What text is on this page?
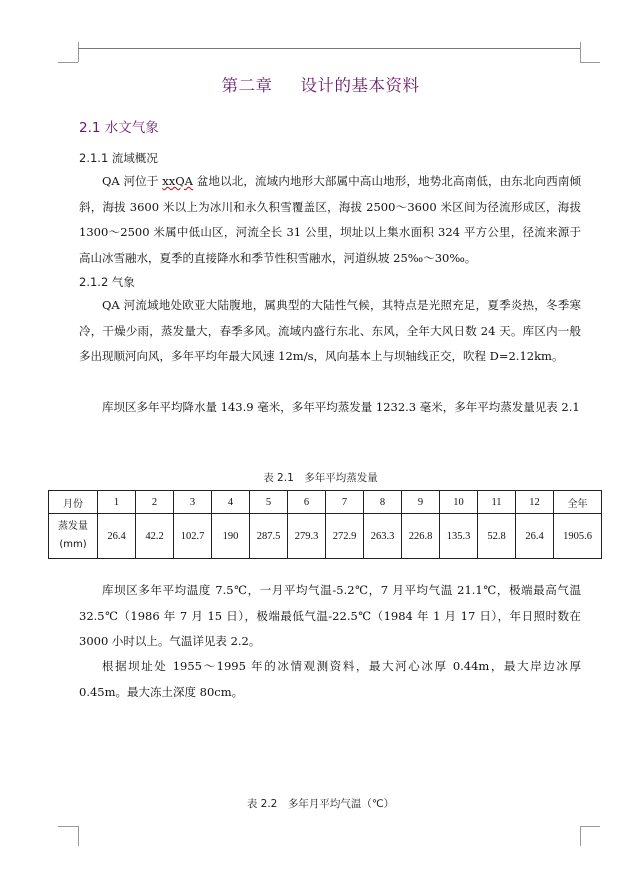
第二章 设计的基本资料
2.1 水文气象
2.1.1 流域概况
QA 河位于 xxQA 盆地以北，流域内地形大部属中高山地形，地势北高南低，由东北向西南倾斜，海拔 3600 米以上为冰川和永久积雪覆盖区，海拔 2500～3600 米区间为径流形成区，海拔 1300～2500 米属中低山区，河流全长 31 公里，坝址以上集水面积 324 平方公里，径流来源于高山冰雪融水，夏季的直接降水和季节性积雪融水，河道纵坡 25‰～30‰。
2.1.2 气象
QA 河流域地处欧亚大陆腹地，属典型的大陆性气候，其特点是光照充足，夏季炎热，冬季寒冷，干燥少雨，蒸发量大，春季多风。流域内盛行东北、东风，全年大风日数 24 天。库区内一般多出现顺河向风，多年平均年最大风速 12m/s，风向基本上与坝轴线正交，吹程 D=2.12km。
库坝区多年平均降水量 143.9 毫米，多年平均蒸发量 1232.3 毫米，多年平均蒸发量见表 2.1
表 2.1　多年平均蒸发量
月份	1	2	3	4	5	6	7	8	9	10	11	12	全年

蒸发量
(mm)	26.4	42.2	102.7	190	287.5	279.3	272.9	263.3	226.8	135.3	52.8	26.4	1905.6
库坝区多年平均温度 7.5℃，一月平均气温-5.2℃，7 月平均气温 21.1℃，极端最高气温 32.5℃（1986 年 7 月 15 日），极端最低气温-22.5℃（1984 年 1 月 17 日），年日照时数在 3000 小时以上。气温详见表 2.2。
根据坝址处 1955～1995 年的冰情观测资料，最大河心冰厚 0.44m，最大岸边冰厚 0.45m。最大冻土深度 80cm。
表 2.2　多年月平均气温（℃）
